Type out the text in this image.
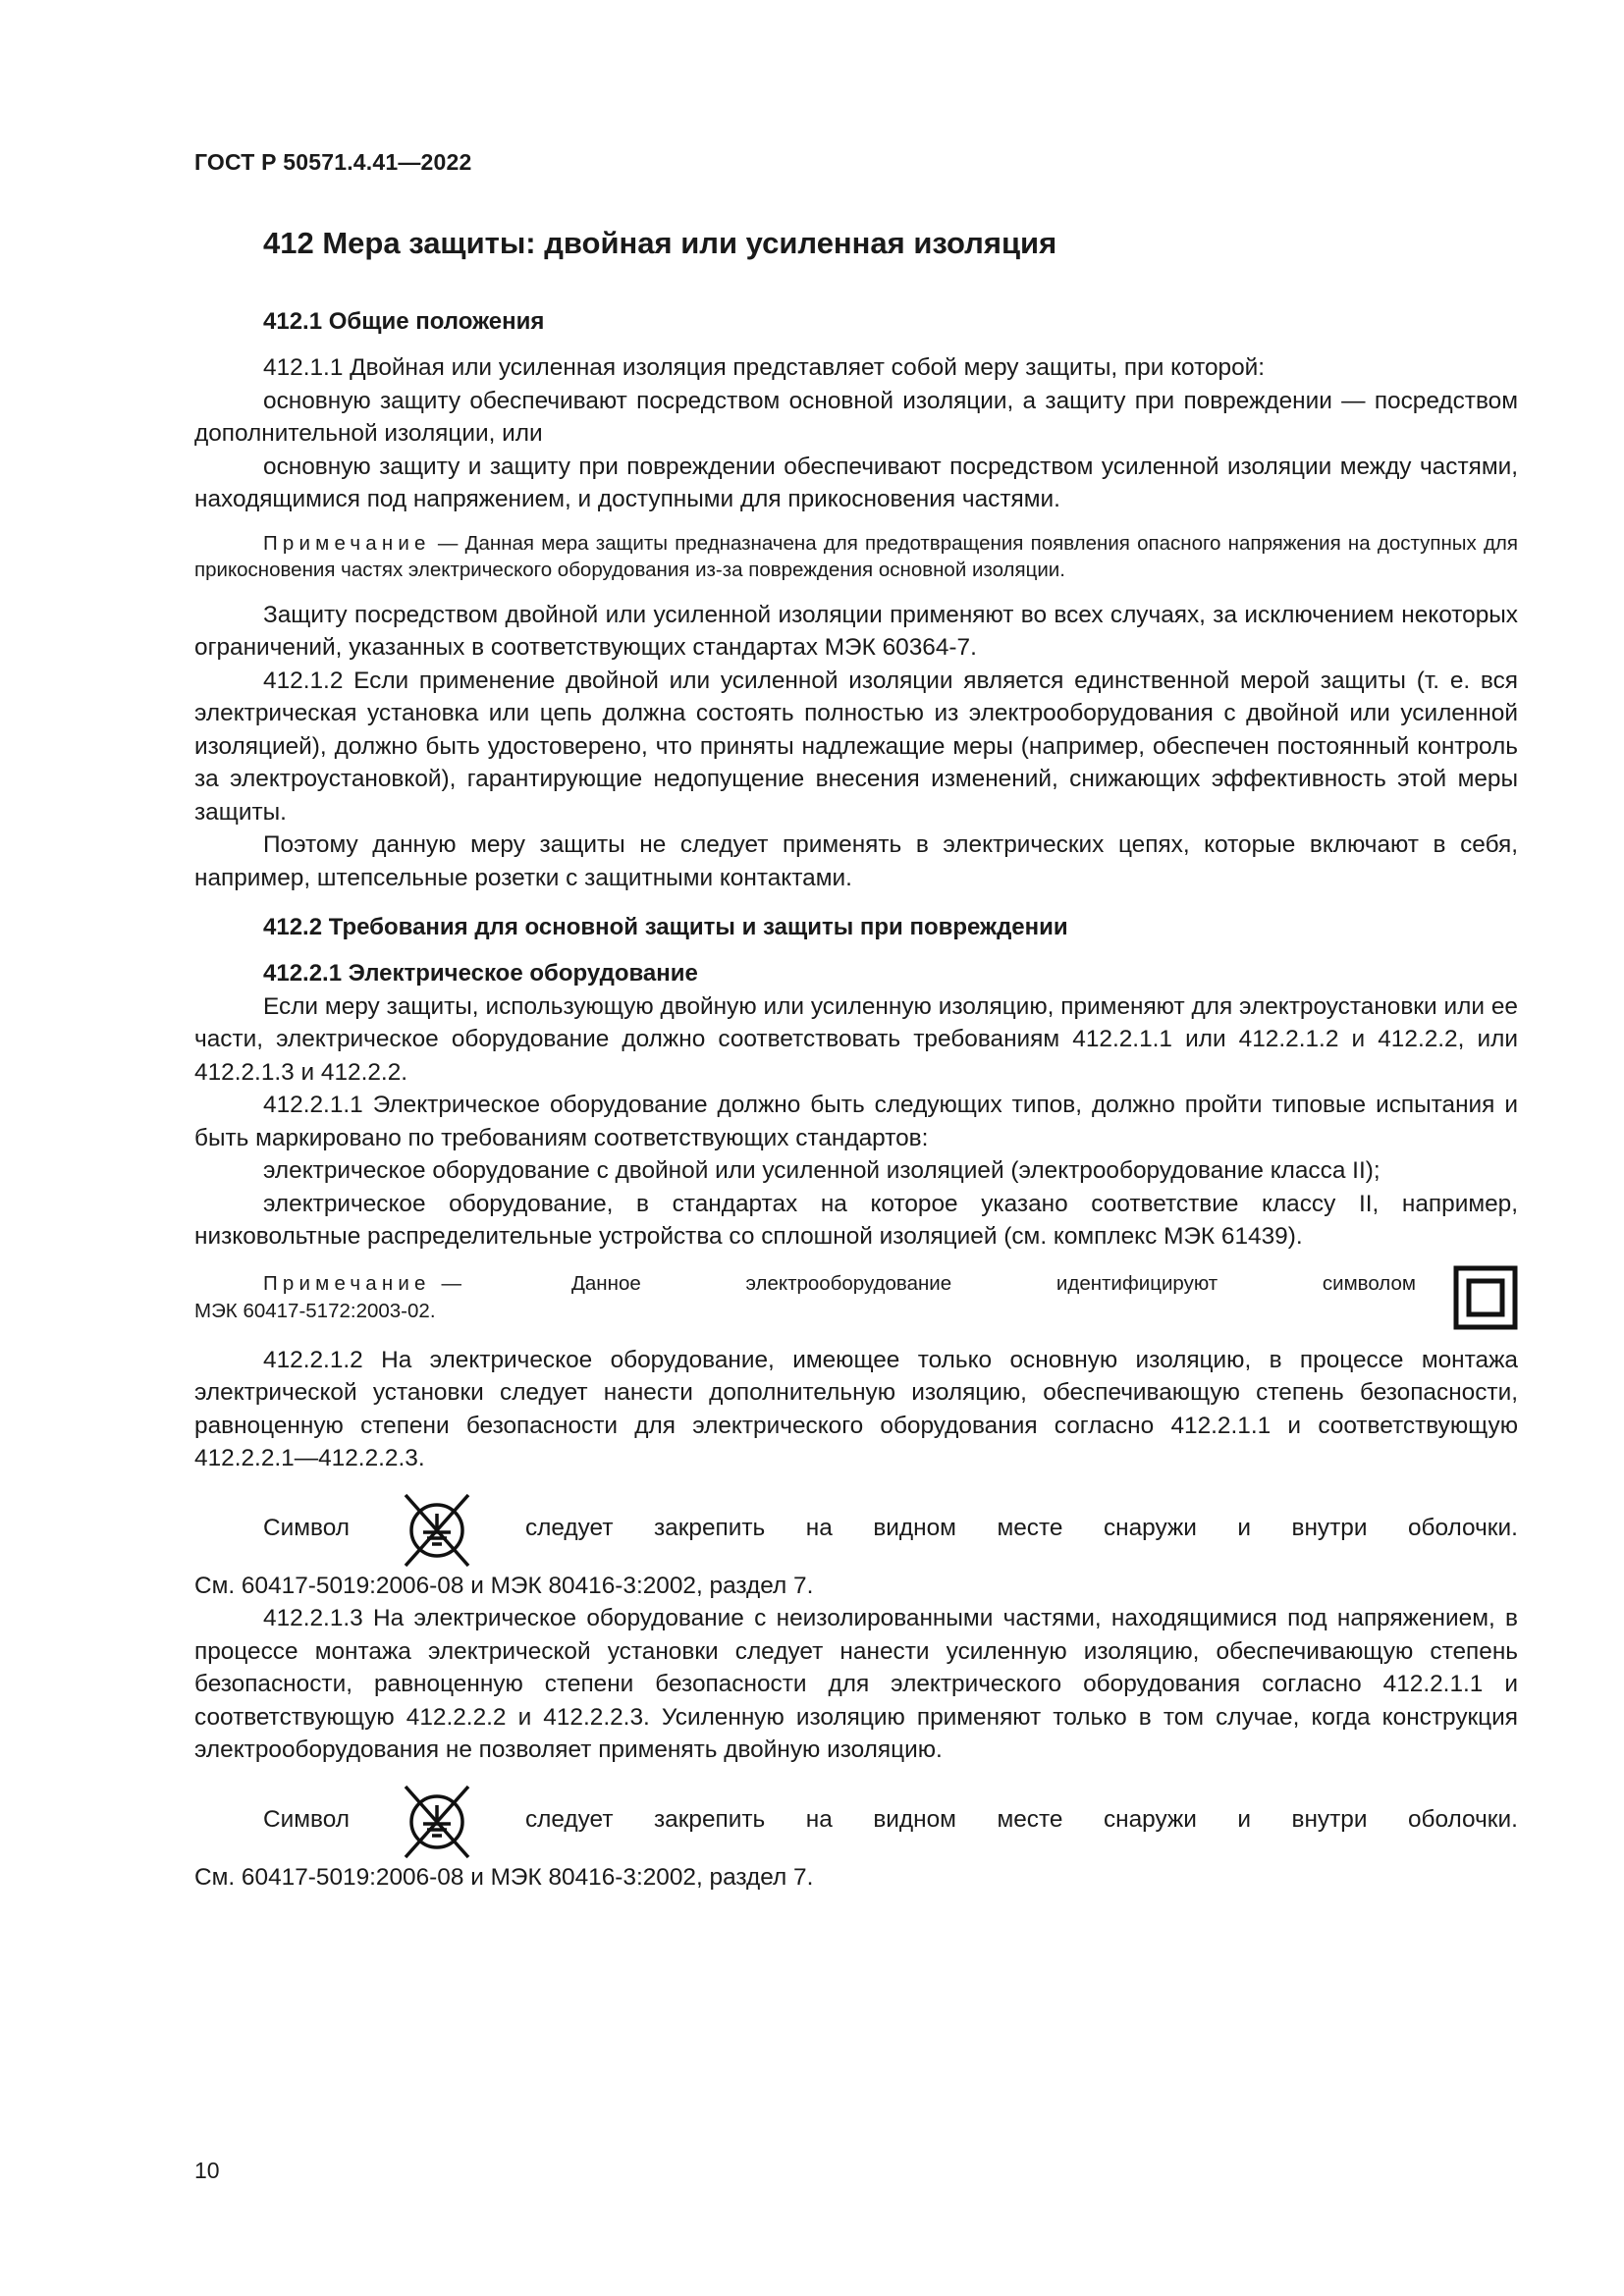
ГОСТ Р 50571.4.41—2022
412 Мера защиты: двойная или усиленная изоляция
412.1 Общие положения

412.1.1 Двойная или усиленная изоляция представляет собой меру защиты, при которой:

основную защиту обеспечивают посредством основной изоляции, а защиту при повреждении — посредством дополнительной изоляции, или

основную защиту и защиту при повреждении обеспечивают посредством усиленной изоляции между частями, находящимися под напряжением, и доступными для прикосновения частями.

Примечание — Данная мера защиты предназначена для предотвращения появления опасного напряжения на доступных для прикосновения частях электрического оборудования из-за повреждения основной изоляции.

Защиту посредством двойной или усиленной изоляции применяют во всех случаях, за исключением некоторых ограничений, указанных в соответствующих стандартах МЭК 60364-7.

412.1.2 Если применение двойной или усиленной изоляции является единственной мерой защиты (т. е. вся электрическая установка или цепь должна состоять полностью из электрооборудования с двойной или усиленной изоляцией), должно быть удостоверено, что приняты надлежащие меры (например, обеспечен постоянный контроль за электроустановкой), гарантирующие недопущение внесения изменений, снижающих эффективность этой меры защиты.

Поэтому данную меру защиты не следует применять в электрических цепях, которые включают в себя, например, штепсельные розетки с защитными контактами.

412.2 Требования для основной защиты и защиты при повреждении
412.2.1 Электрическое оборудование

Если меру защиты, использующую двойную или усиленную изоляцию, применяют для электроустановки или ее части, электрическое оборудование должно соответствовать требованиям 412.2.1.1 или 412.2.1.2 и 412.2.2, или 412.2.1.3 и 412.2.2.

412.2.1.1 Электрическое оборудование должно быть следующих типов, должно пройти типовые испытания и быть маркировано по требованиям соответствующих стандартов:

электрическое оборудование с двойной или усиленной изоляцией (электрооборудование класса II);

электрическое оборудование, в стандартах на которое указано соответствие классу II, например, низковольтные распределительные устройства со сплошной изоляцией (см. комплекс МЭК 61439).

Примечание —	Данное	электрооборудование	идентифицируют	символом
МЭК 60417-5172:2003-02.

412.2.1.2 На электрическое оборудование, имеющее только основную изоляцию, в процессе монтажа электрической установки следует нанести дополнительную изоляцию, обеспечивающую степень безопасности, равноценную степени безопасности для электрического оборудования согласно 412.2.1.1 и соответствующую 412.2.2.1—412.2.2.3.

Символ	следует закрепить на видном месте снаружи и внутри оболочки.

См. 60417-5019:2006-08 и МЭК 80416-3:2002, раздел 7.

412.2.1.3 На электрическое оборудование с неизолированными частями, находящимися под напряжением, в процессе монтажа электрической установки следует нанести усиленную изоляцию, обеспечивающую степень безопасности, равноценную степени безопасности для электрического оборудования согласно 412.2.1.1 и соответствующую 412.2.2.2 и 412.2.2.3. Усиленную изоляцию применяют только в том случае, когда конструкция электрооборудования не позволяет применять двойную изоляцию.

Символ	следует закрепить на видном месте снаружи и внутри оболочки.

См. 60417-5019:2006-08 и МЭК 80416-3:2002, раздел 7.

10
